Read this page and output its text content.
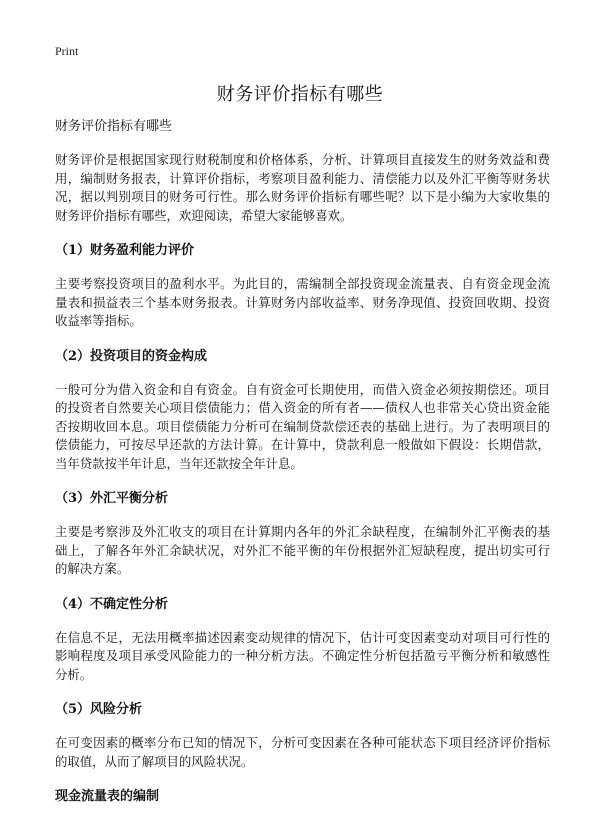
Print
财务评价指标有哪些
财务评价指标有哪些

财务评价是根据国家现行财税制度和价格体系，分析、计算项目直接发生的财务效益和费用，编制财务报表，计算评价指标，考察项目盈利能力、清偿能力以及外汇平衡等财务状况，据以判别项目的财务可行性。那么财务评价指标有哪些呢？以下是小编为大家收集的财务评价指标有哪些，欢迎阅读，希望大家能够喜欢。

（1）财务盈利能力评价

主要考察投资项目的盈利水平。为此目的，需编制全部投资现金流量表、自有资金现金流量表和损益表三个基本财务报表。计算财务内部收益率、财务净现值、投资回收期、投资收益率等指标。

（2）投资项目的资金构成

一般可分为借入资金和自有资金。自有资金可长期使用，而借入资金必须按期偿还。项目的投资者自然要关心项目偿债能力；借入资金的所有者——债权人也非常关心贷出资金能否按期收回本息。项目偿债能力分析可在编制贷款偿还表的基础上进行。为了表明项目的偿债能力，可按尽早还款的方法计算。在计算中，贷款利息一般做如下假设：长期借款，当年贷款按半年计息，当年还款按全年计息。

（3）外汇平衡分析

主要是考察涉及外汇收支的项目在计算期内各年的外汇余缺程度，在编制外汇平衡表的基础上，了解各年外汇余缺状况，对外汇不能平衡的年份根据外汇短缺程度，提出切实可行的解决方案。

（4）不确定性分析

在信息不足，无法用概率描述因素变动规律的情况下，估计可变因素变动对项目可行性的影响程度及项目承受风险能力的一种分析方法。不确定性分析包括盈亏平衡分析和敏感性分析。

（5）风险分析

在可变因素的概率分布已知的情况下，分析可变因素在各种可能状态下项目经济评价指标的取值，从而了解项目的风险状况。

现金流量表的编制
